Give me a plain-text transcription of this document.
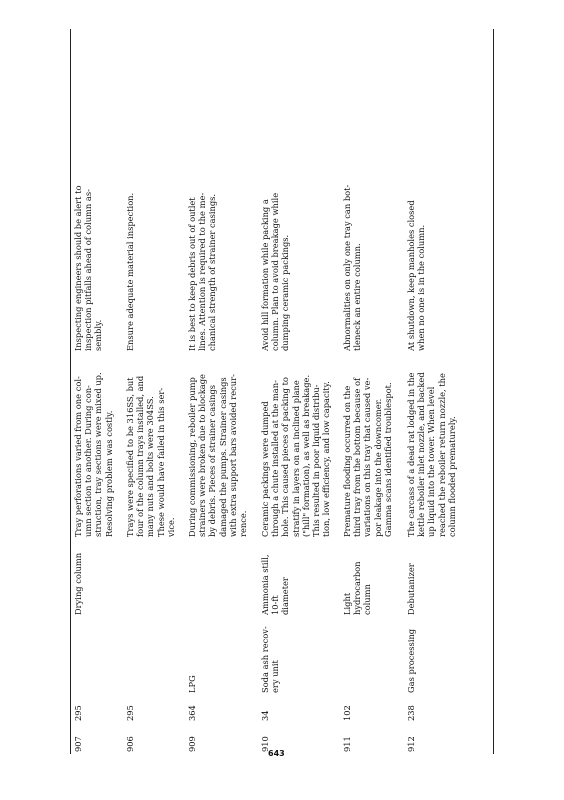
907
295
Drying column
Tray perforations varied from one col-
umn section to another. During con-
struction, tray sections were mixed up.
Resolving problem was costly.
Inspecting engineers should be alert to
inspection pitfalls ahead of column as-
sembly.
906
295
Trays were specified to be 316SS, but
four of the column trays installed, and
many nuts and bolts were 304SS.
These would have failed in this ser-
vice.
Ensure adequate material inspection.
909
364
LPG
During commissioning, reboiler pump
strainers were broken due to blockage
by debris. Pieces of strainer casings
damaged the pumps. Strainer casings
with extra support bars avoided recur-
rence.
It is best to keep debris out of outlet
lines. Attention is required to the me-
chanical strength of strainer casings.
910
34
Soda ash recov-
ery unit
Ammonia still, 10-ft
diameter
Ceramic packings were dumped
through a chute installed at the man-
hole. This caused pieces of packing to
stratify in layers on an inclined plane
("hill" formation), as well as breakage.
This resulted in poor liquid distribu-
tion, low efficiency, and low capacity.
Avoid hill formation while packing a
column. Plan to avoid breakage while
dumping ceramic packings.
911
102
Light hydrocarbon
column
Premature flooding occurred on the
third tray from the bottom because of
variations on this tray that caused ve-
por leakage into the downcomer.
Gamma scans identified troublespot.
Abnormalities on only one tray can bot-
tleneck an entire column.
912
238
Gas processing
Debutanizer
The carcass of a dead rat lodged in the
kettle reboiler inlet nozzle, and backed
up liquid into the tower. When level
reached the reboiler return nozzle, the
column flooded prematurely.
At shutdown, keep manholes closed
when no one is in the column.
643
